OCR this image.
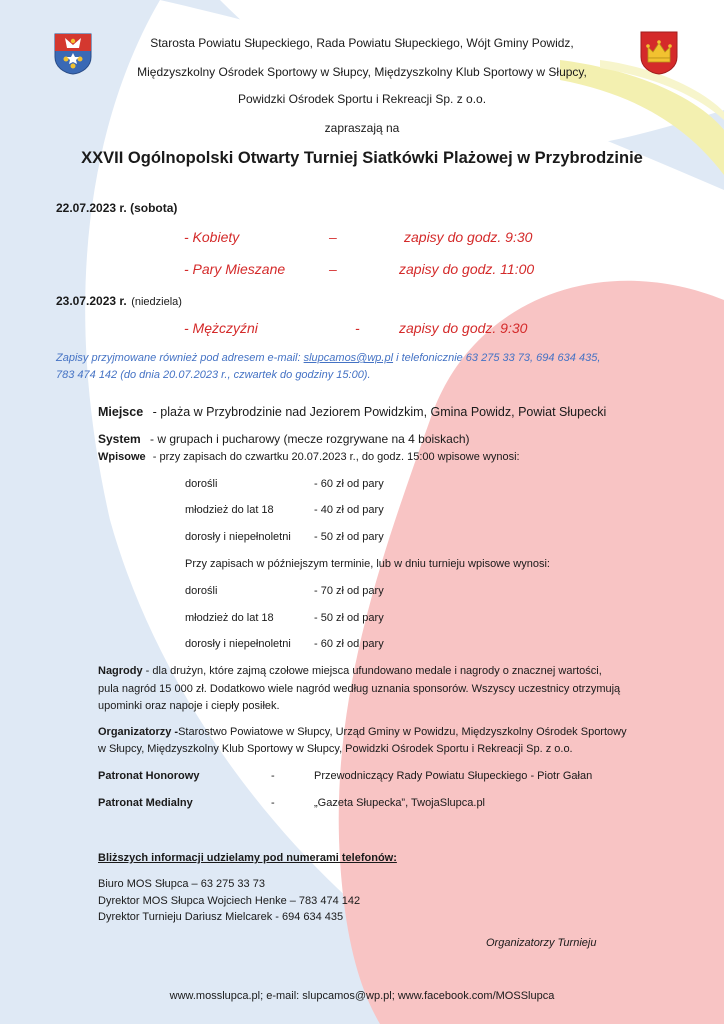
Starosta Powiatu Słupeckiego, Rada Powiatu Słupeckiego, Wójt Gminy Powidz,
Międzyszkolny Ośrodek Sportowy w Słupcy, Międzyszkolny Klub Sportowy w Słupcy,
Powidzki Ośrodek Sportu i Rekreacji Sp. z o.o.
zapraszają na
XXVII Ogólnopolski Otwarty Turniej Siatkówki Plażowej w Przybrodzinie
22.07.2023 r. (sobota)
- Kobiety	–	zapisy do godz. 9:30
- Pary Mieszane	–	zapisy do godz. 11:00
23.07.2023 r. (niedziela)
- Mężczyźni	-	zapisy do godz. 9:30
Zapisy przyjmowane również pod adresem e-mail: slupcamos@wp.pl i telefonicznie 63 275 33 73, 694 634 435,
783 474 142 (do dnia 20.07.2023 r., czwartek do godziny 15:00).
Miejsce - plaża w Przybrodzinie nad Jeziorem Powidzkim, Gmina Powidz, Powiat Słupecki
System - w grupach i pucharowy (mecze rozgrywane na 4 boiskach)
Wpisowe - przy zapisach do czwartku 20.07.2023 r., do godz. 15:00 wpisowe wynosi:
dorośli	- 60 zł od pary
młodzież do lat 18	- 40 zł od pary
dorosły i niepełnoletni - 50 zł od pary
Przy zapisach w późniejszym terminie, lub w dniu turnieju wpisowe wynosi:
dorośli	- 70 zł od pary
młodzież do lat 18	- 50 zł od pary
dorosły i niepełnoletni - 60 zł od pary
Nagrody - dla drużyn, które zajmą czołowe miejsca ufundowano medale i nagrody o znacznej wartości,
pula nagród 15 000 zł. Dodatkowo wiele nagród według uznania sponsorów. Wszyscy uczestnicy otrzymują
upominki oraz napoje i ciepły posiłek.
Organizatorzy -Starostwo Powiatowe w Słupcy, Urząd Gminy w Powidzu, Międzyszkolny Ośrodek Sportowy
w Słupcy, Międzyszkolny Klub Sportowy w Słupcy, Powidzki Ośrodek Sportu i Rekreacji Sp. z o.o.
Patronat Honorowy	-	Przewodniczący Rady Powiatu Słupeckiego - Piotr Gałan
Patronat Medialny	-	„Gazeta Słupecka”, TwojaSlupca.pl
Bliższych informacji udzielamy pod numerami telefonów:
Biuro MOS Słupca – 63 275 33 73
Dyrektor MOS Słupca Wojciech Henke – 783 474 142
Dyrektor Turnieju Dariusz Mielcarek - 694 634 435
Organizatorzy Turnieju
www.mosslupca.pl; e-mail: slupcamos@wp.pl; www.facebook.com/MOSSlupca
